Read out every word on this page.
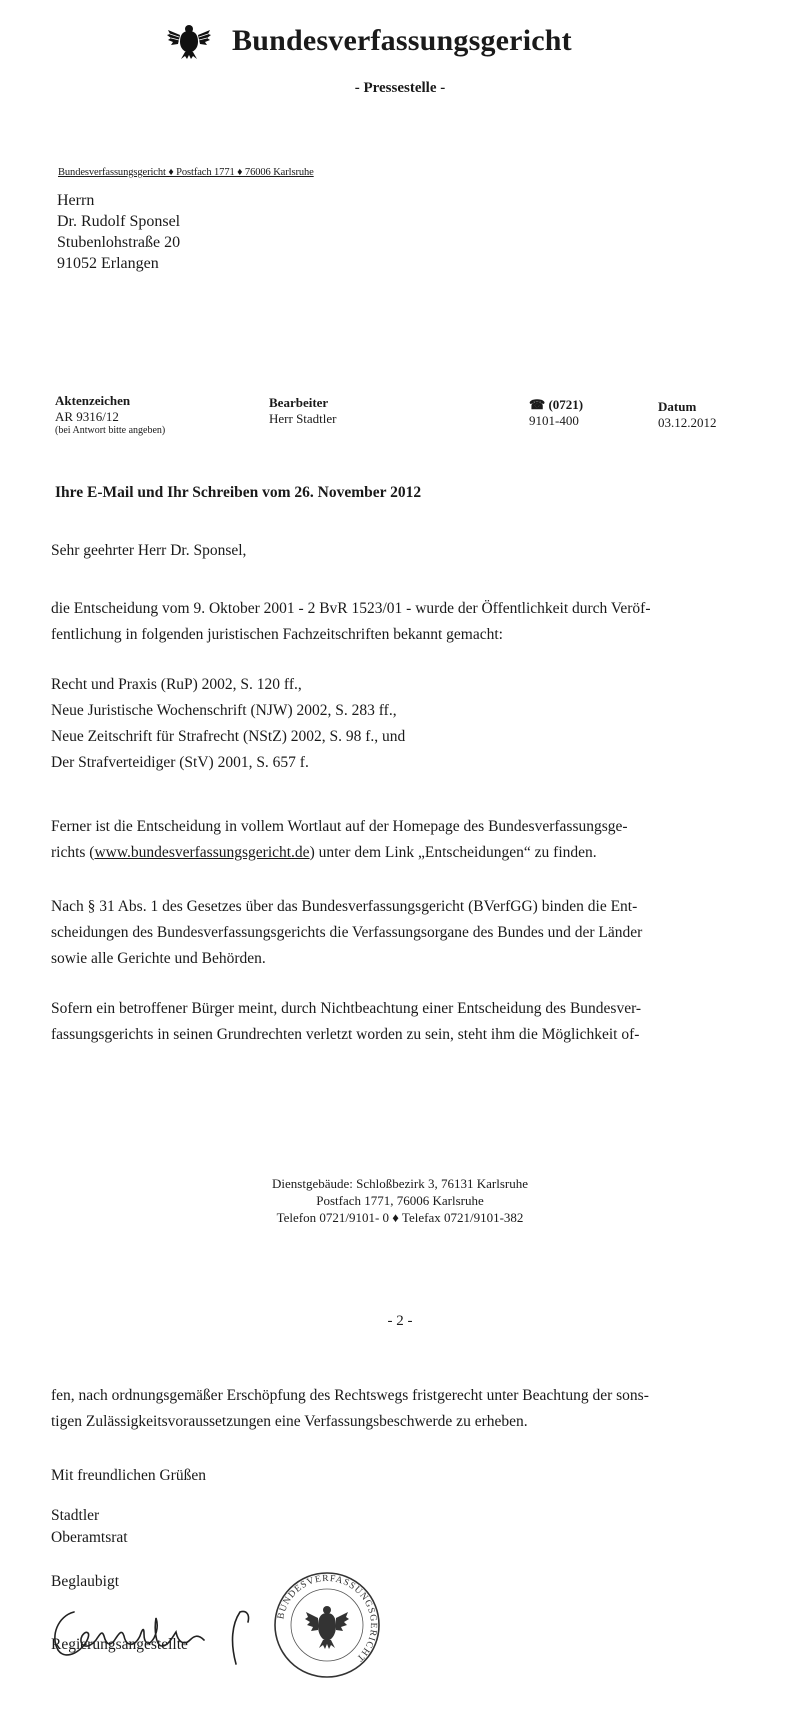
Bundesverfassungsgericht
- Pressestelle -
Bundesverfassungsgericht ♦ Postfach 1771 ♦ 76006 Karlsruhe
Herrn
Dr. Rudolf Sponsel
Stubenlohstraße 20
91052 Erlangen
Aktenzeichen
AR 9316/12
(bei Antwort bitte angeben)
Bearbeiter
Herr Stadtler
☎ (0721)
9101-400
Datum
03.12.2012
Ihre E-Mail und Ihr Schreiben vom 26. November 2012
Sehr geehrter Herr Dr. Sponsel,
die Entscheidung vom 9. Oktober 2001 - 2 BvR 1523/01 - wurde der Öffentlichkeit durch Veröf-
fentlichung in folgenden juristischen Fachzeitschriften bekannt gemacht:
Recht und Praxis (RuP) 2002, S. 120 ff.,
Neue Juristische Wochenschrift (NJW) 2002, S. 283 ff.,
Neue Zeitschrift für Strafrecht (NStZ) 2002, S. 98 f., und
Der Strafverteidiger (StV) 2001, S. 657 f.
Ferner ist die Entscheidung in vollem Wortlaut auf der Homepage des Bundesverfassungsge-
richts (www.bundesverfassungsgericht.de) unter dem Link „Entscheidungen“ zu finden.
Nach § 31 Abs. 1 des Gesetzes über das Bundesverfassungsgericht (BVerfGG) binden die Ent-
scheidungen des Bundesverfassungsgerichts die Verfassungsorgane des Bundes und der Länder
sowie alle Gerichte und Behörden.
Sofern ein betroffener Bürger meint, durch Nichtbeachtung einer Entscheidung des Bundesver-
fassungsgerichts in seinen Grundrechten verletzt worden zu sein, steht ihm die Möglichkeit of-
Dienstgebäude: Schloßbezirk 3, 76131 Karlsruhe
Postfach 1771, 76006 Karlsruhe
Telefon 0721/9101- 0 ♦ Telefax 0721/9101-382
- 2 -
fen, nach ordnungsgemäßer Erschöpfung des Rechtswegs fristgerecht unter Beachtung der sons-
tigen Zulässigkeitsvoraussetzungen eine Verfassungsbeschwerde zu erheben.
Mit freundlichen Grüßen
Stadtler
Oberamtsrat
Beglaubigt
Regierungsangestellte
BUNDESVERFASSUNGSGERICHT
